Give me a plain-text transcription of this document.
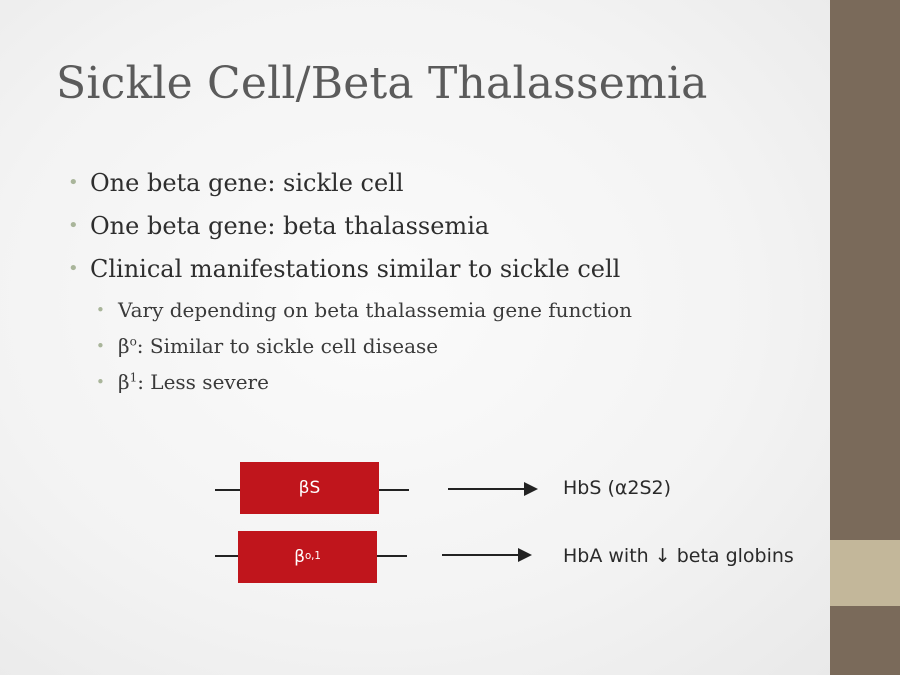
Sickle Cell/Beta Thalassemia
• One beta gene: sickle cell
• One beta gene: beta thalassemia
• Clinical manifestations similar to sickle cell
• Vary depending on beta thalassemia gene function
• $\beta^o$: Similar to sickle cell disease
• $\beta^1$: Less severe
β S	HbS (α2S2)
β o,1	HbA with ↓ beta globins
